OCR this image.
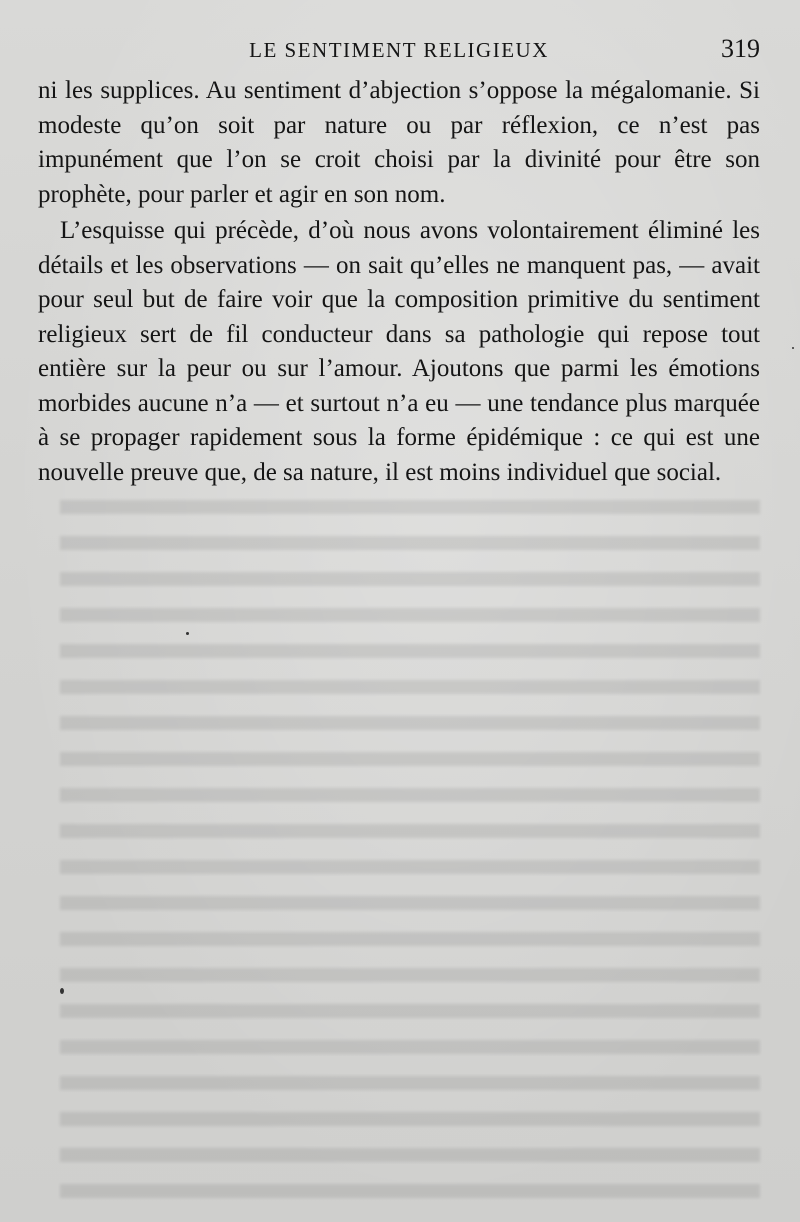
LE SENTIMENT RELIGIEUX	319

ni les supplices. Au sentiment d’abjection s’oppose la mégalomanie. Si modeste qu’on soit par nature ou par réflexion, ce n’est pas impunément que l’on se croit choisi par la divinité pour être son prophète, pour parler et agir en son nom.

L’esquisse qui précède, d’où nous avons volontairement éliminé les détails et les observations — on sait qu’elles ne manquent pas, — avait pour seul but de faire voir que la composition primitive du sentiment religieux sert de fil conducteur dans sa pathologie qui repose tout entière sur la peur ou sur l’amour. Ajoutons que parmi les émotions morbides aucune n’a — et surtout n’a eu — une tendance plus marquée à se propager rapidement sous la forme épidémique : ce qui est une nouvelle preuve que, de sa nature, il est moins individuel que social.
